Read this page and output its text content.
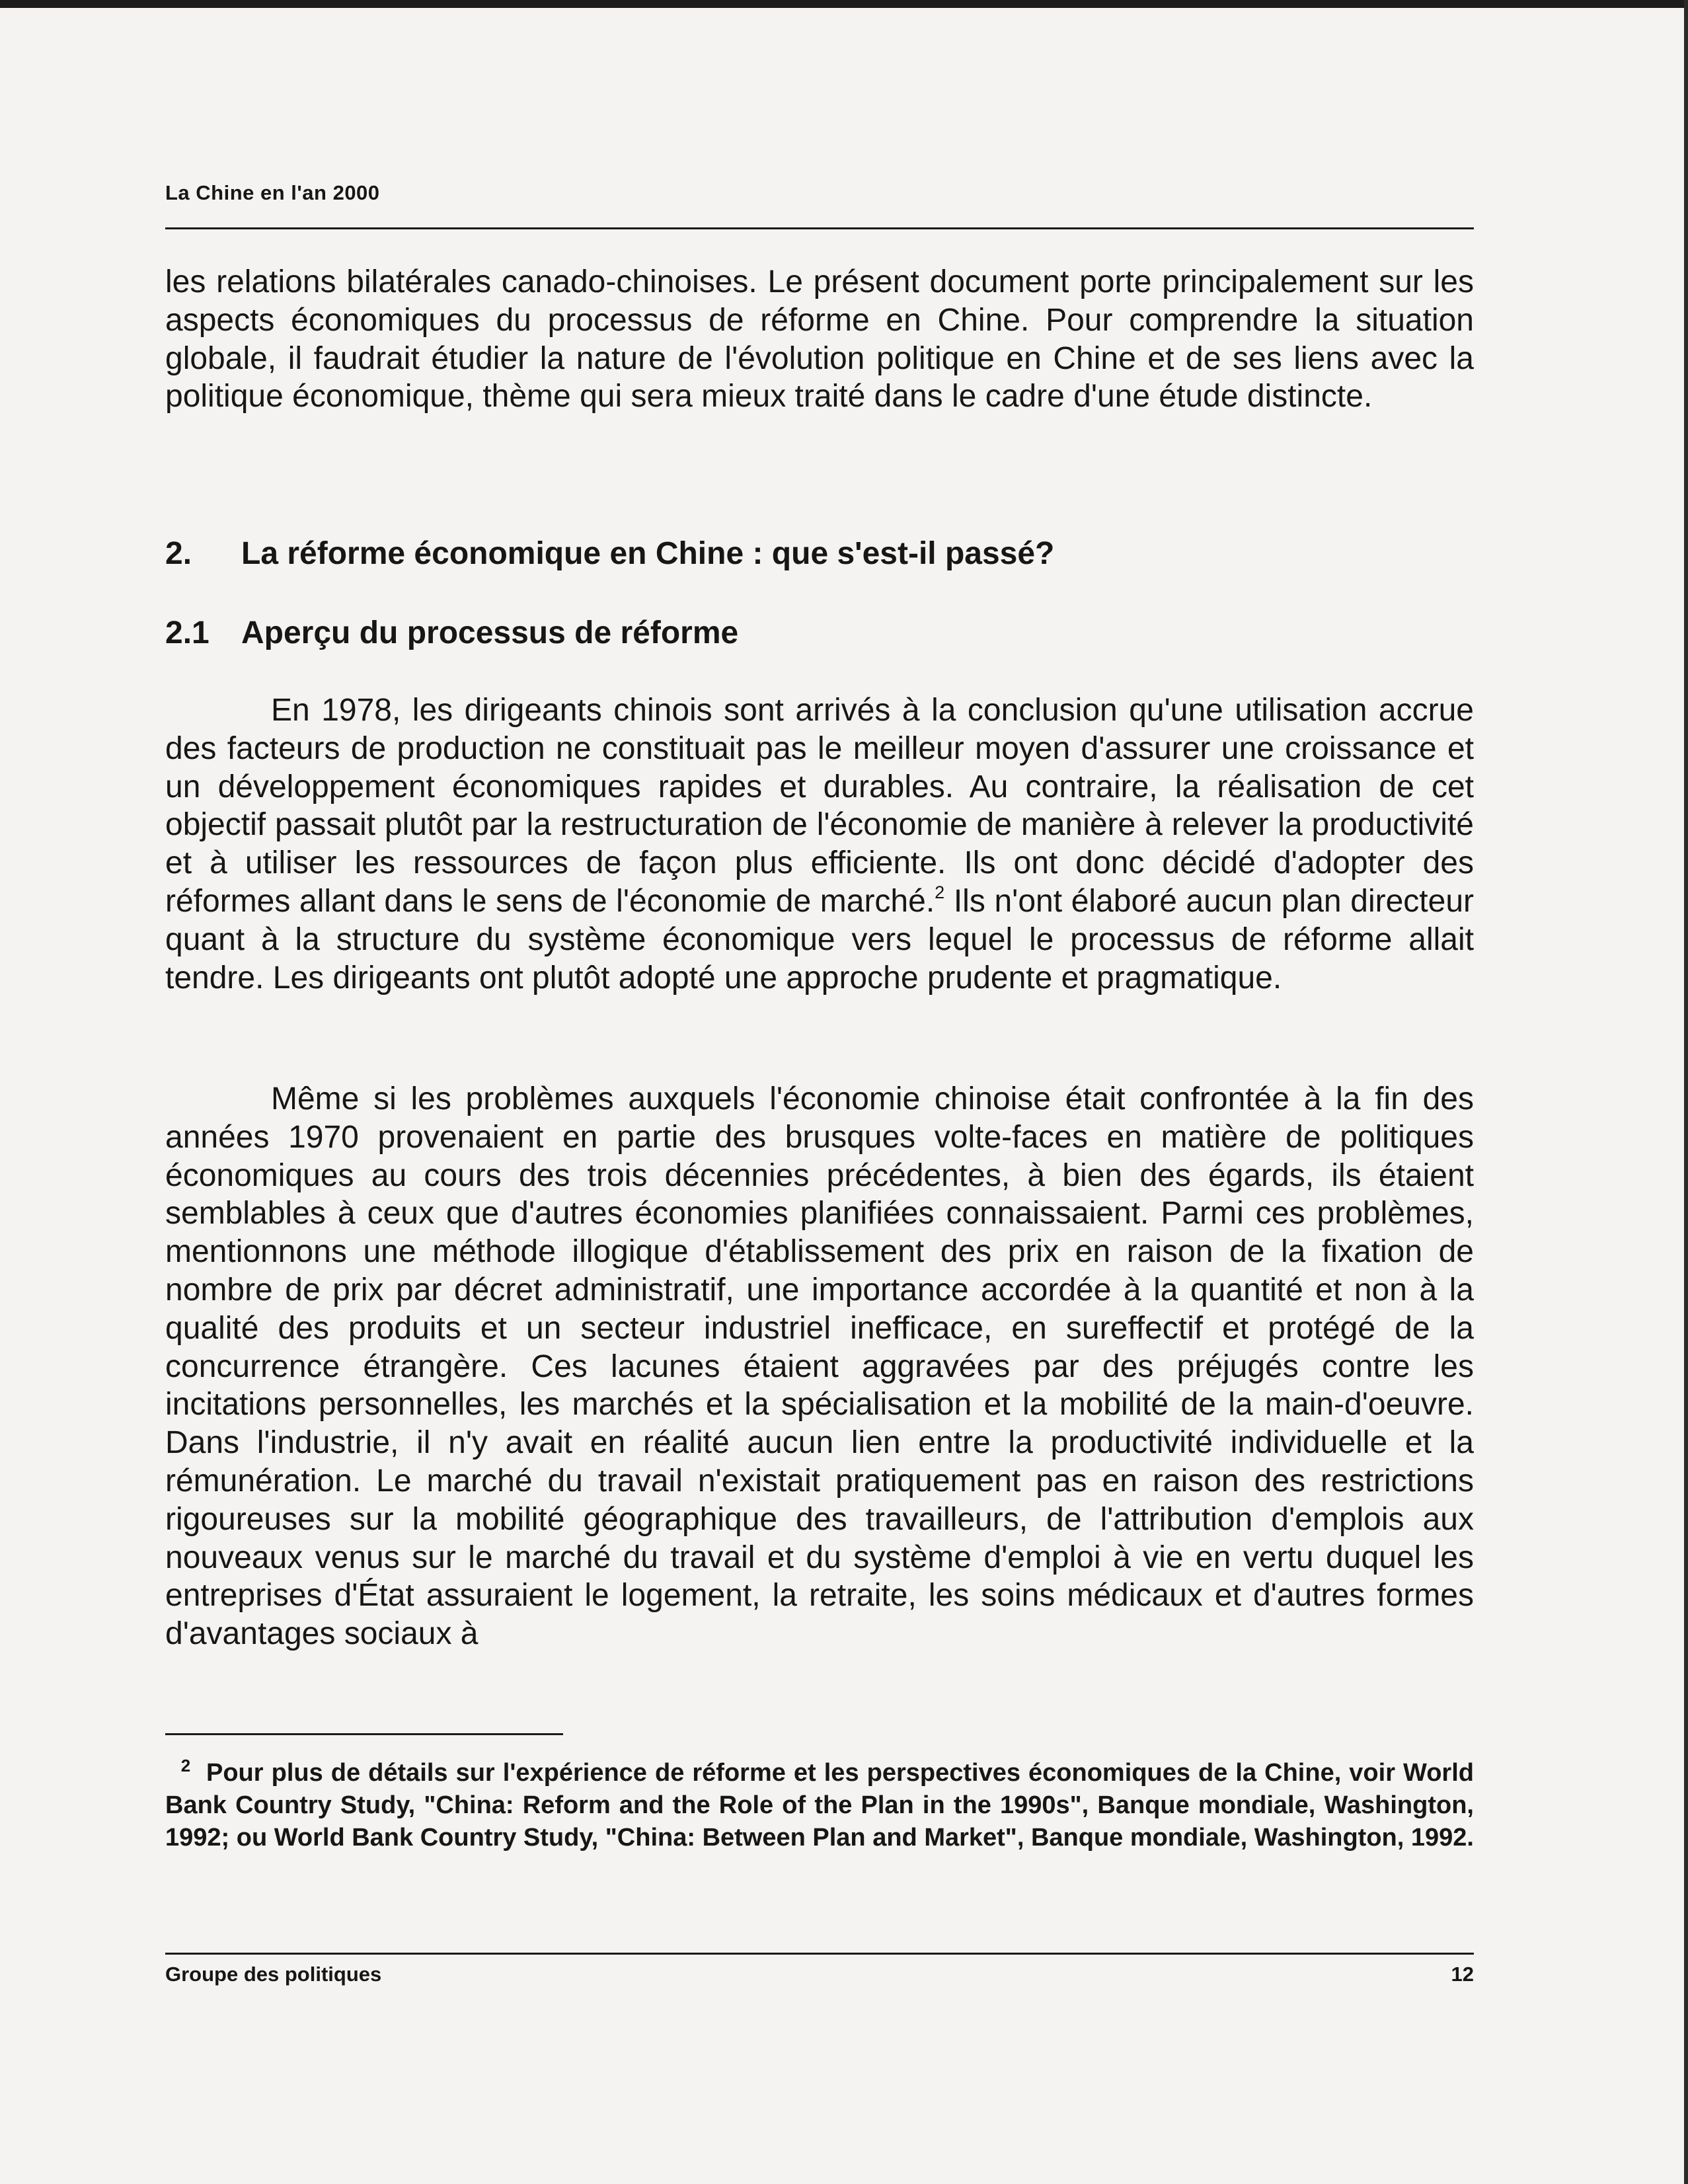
La Chine en l'an 2000

les relations bilatérales canado-chinoises. Le présent document porte principalement sur les aspects économiques du processus de réforme en Chine. Pour comprendre la situation globale, il faudrait étudier la nature de l'évolution politique en Chine et de ses liens avec la politique économique, thème qui sera mieux traité dans le cadre d'une étude distincte.

2. La réforme économique en Chine : que s'est-il passé?
2.1 Aperçu du processus de réforme

En 1978, les dirigeants chinois sont arrivés à la conclusion qu'une utilisation accrue des facteurs de production ne constituait pas le meilleur moyen d'assurer une croissance et un développement économiques rapides et durables. Au contraire, la réalisation de cet objectif passait plutôt par la restructuration de l'économie de manière à relever la productivité et à utiliser les ressources de façon plus efficiente. Ils ont donc décidé d'adopter des réformes allant dans le sens de l'économie de marché.$^2$ Ils n'ont élaboré aucun plan directeur quant à la structure du système économique vers lequel le processus de réforme allait tendre. Les dirigeants ont plutôt adopté une approche prudente et pragmatique.

Même si les problèmes auxquels l'économie chinoise était confrontée à la fin des années 1970 provenaient en partie des brusques volte-faces en matière de politiques économiques au cours des trois décennies précédentes, à bien des égards, ils étaient semblables à ceux que d'autres économies planifiées connaissaient. Parmi ces problèmes, mentionnons une méthode illogique d'établissement des prix en raison de la fixation de nombre de prix par décret administratif, une importance accordée à la quantité et non à la qualité des produits et un secteur industriel inefficace, en sureffectif et protégé de la concurrence étrangère. Ces lacunes étaient aggravées par des préjugés contre les incitations personnelles, les marchés et la spécialisation et la mobilité de la main-d'oeuvre. Dans l'industrie, il n'y avait en réalité aucun lien entre la productivité individuelle et la rémunération. Le marché du travail n'existait pratiquement pas en raison des restrictions rigoureuses sur la mobilité géographique des travailleurs, de l'attribution d'emplois aux nouveaux venus sur le marché du travail et du système d'emploi à vie en vertu duquel les entreprises d'État assuraient le logement, la retraite, les soins médicaux et d'autres formes d'avantages sociaux à

2 Pour plus de détails sur l'expérience de réforme et les perspectives économiques de la Chine, voir World Bank Country Study, "China: Reform and the Role of the Plan in the 1990s", Banque mondiale, Washington, 1992; ou World Bank Country Study, "China: Between Plan and Market", Banque mondiale, Washington, 1992.

Groupe des politiques	12
